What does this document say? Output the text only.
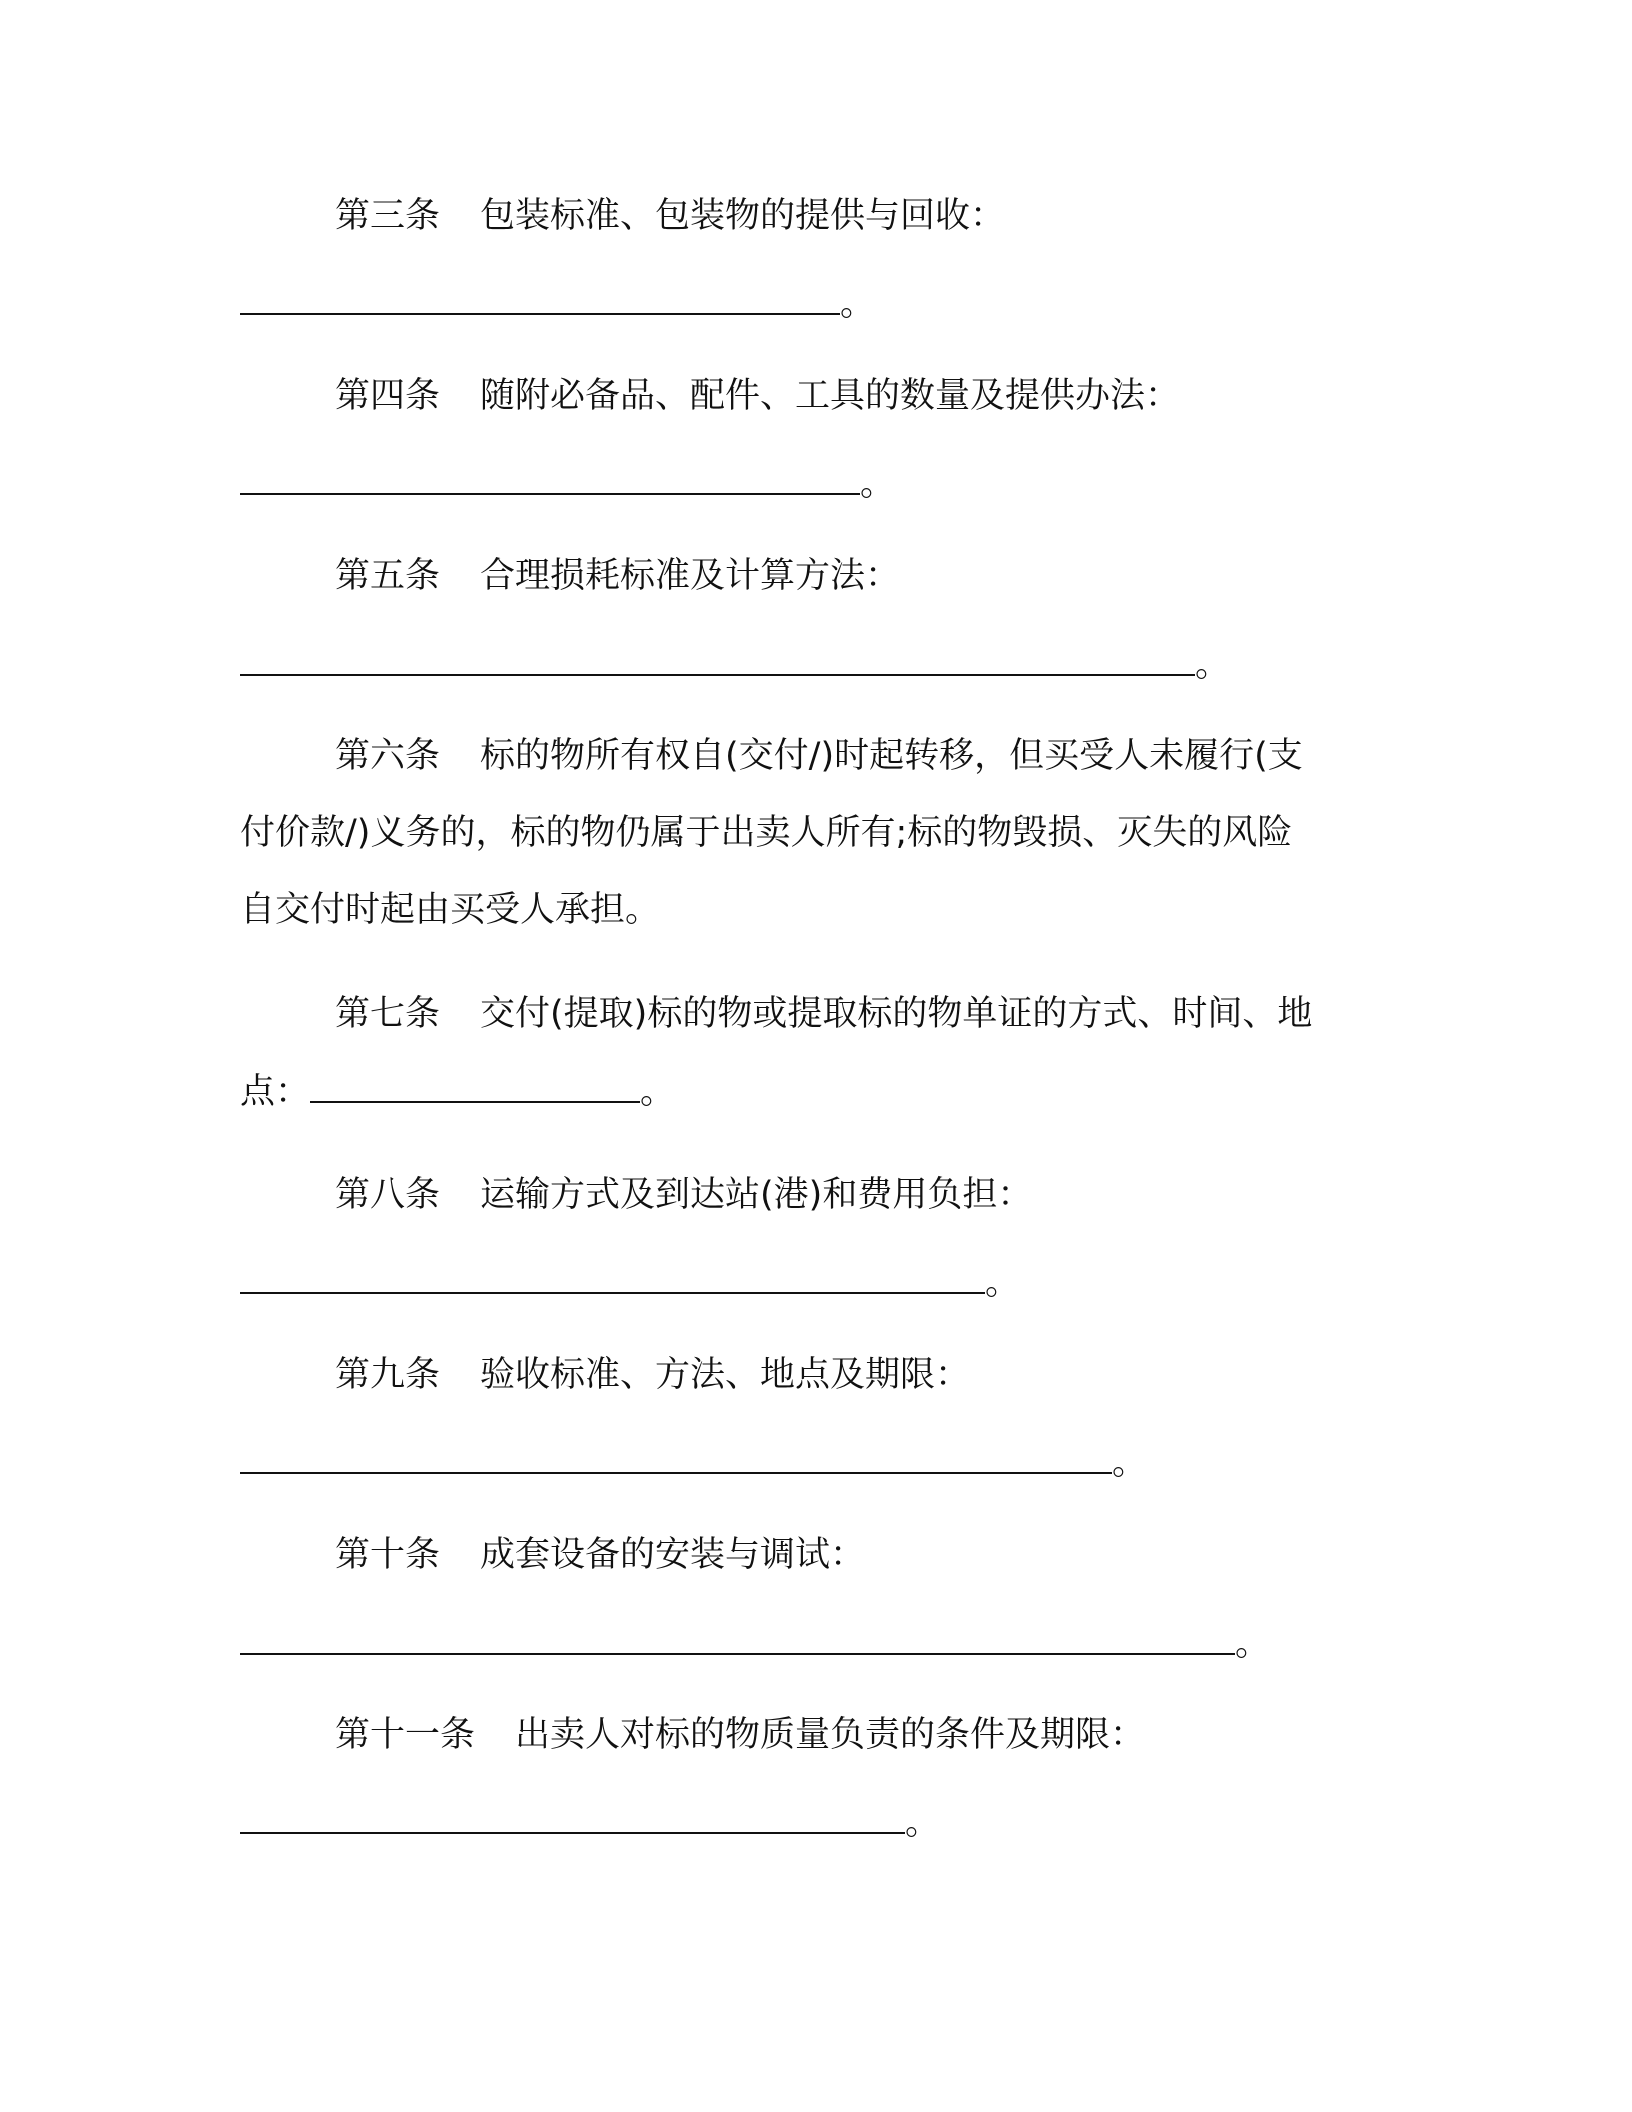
第三条 包装标准、包装物的提供与回收：
。
第四条 随附必备品、配件、工具的数量及提供办法：
。
第五条 合理损耗标准及计算方法：
。
第六条 标的物所有权自(交付/)时起转移，但买受人未履行(支
付价款/)义务的，标的物仍属于出卖人所有;标的物毁损、灭失的风险
自交付时起由买受人承担。
第七条 交付(提取)标的物或提取标的物单证的方式、时间、地
点：	。
第八条 运输方式及到达站(港)和费用负担：
。
第九条 验收标准、方法、地点及期限：
。
第十条 成套设备的安装与调试：
。
第十一条 出卖人对标的物质量负责的条件及期限：
。
